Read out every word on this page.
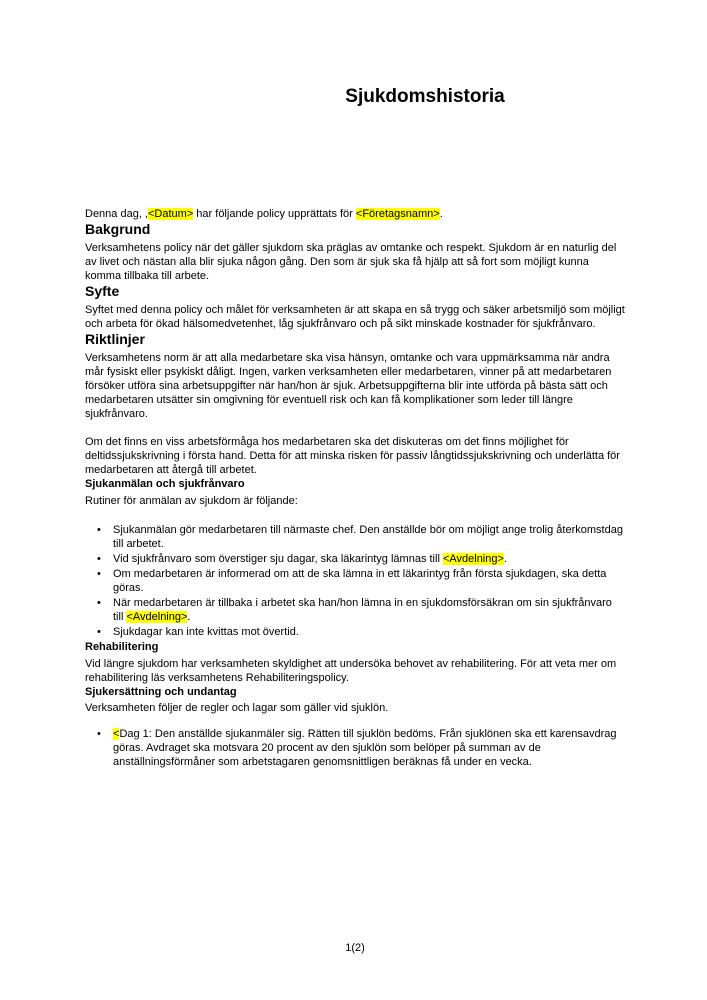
Sjukdomshistoria

Denna dag, ,<Datum> har följande policy upprättats för <Företagsnamn>.

Bakgrund

Verksamhetens policy när det gäller sjukdom ska präglas av omtanke och respekt. Sjukdom är en naturlig del av livet och nästan alla blir sjuka någon gång. Den som är sjuk ska få hjälp att så fort som möjligt kunna komma tillbaka till arbete.

Syfte

Syftet med denna policy och målet för verksamheten är att skapa en så trygg och säker arbetsmiljö som möjligt och arbeta för ökad hälsomedvetenhet, låg sjukfrånvaro och på sikt minskade kostnader för sjukfrånvaro.

Riktlinjer

Verksamhetens norm är att alla medarbetare ska visa hänsyn, omtanke och vara uppmärksamma när andra mår fysiskt eller psykiskt dåligt. Ingen, varken verksamheten eller medarbetaren, vinner på att medarbetaren försöker utföra sina arbetsuppgifter när han/hon är sjuk. Arbetsuppgifterna blir inte utförda på bästa sätt och medarbetaren utsätter sin omgivning för eventuell risk och kan få komplikationer som leder till längre sjukfrånvaro.

Om det finns en viss arbetsförmåga hos medarbetaren ska det diskuteras om det finns möjlighet för deltidssjukskrivning i första hand. Detta för att minska risken för passiv långtidssjukskrivning och underlätta för medarbetaren att återgå till arbetet.

Sjukanmälan och sjukfrånvaro

Rutiner för anmälan av sjukdom är följande:

• Sjukanmälan gör medarbetaren till närmaste chef. Den anställde bör om möjligt ange trolig återkomstdag till arbetet.
• Vid sjukfrånvaro som överstiger sju dagar, ska läkarintyg lämnas till <Avdelning>.
• Om medarbetaren är informerad om att de ska lämna in ett läkarintyg från första sjukdagen, ska detta göras.
• När medarbetaren är tillbaka i arbetet ska han/hon lämna in en sjukdomsförsäkran om sin sjukfrånvaro till <Avdelning>.
• Sjukdagar kan inte kvittas mot övertid.
Rehabilitering

Vid längre sjukdom har verksamheten skyldighet att undersöka behovet av rehabilitering. För att veta mer om rehabilitering läs verksamhetens Rehabiliteringspolicy.

Sjukersättning och undantag

Verksamheten följer de regler och lagar som gäller vid sjuklön.

• <Dag 1: Den anställde sjukanmäler sig. Rätten till sjuklön bedöms. Från sjuklönen ska ett karensavdrag göras. Avdraget ska motsvara 20 procent av den sjuklön som belöper på summan av de anställningsförmåner som arbetstagaren genomsnittligen beräknas få under en vecka.
1(2)
